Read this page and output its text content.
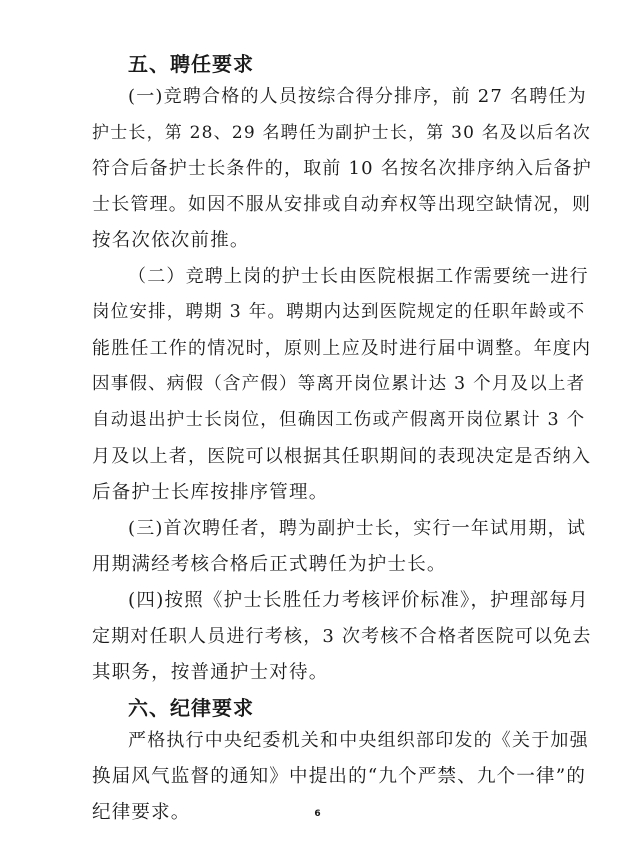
五、聘任要求
(一)竞聘合格的人员按综合得分排序，前 27 名聘任为
护士长，第 28、29 名聘任为副护士长，第 30 名及以后名次
符合后备护士长条件的，取前 10 名按名次排序纳入后备护
士长管理。如因不服从安排或自动弃权等出现空缺情况，则
按名次依次前推。
（二）竞聘上岗的护士长由医院根据工作需要统一进行
岗位安排，聘期 3 年。聘期内达到医院规定的任职年龄或不
能胜任工作的情况时，原则上应及时进行届中调整。年度内
因事假、病假（含产假）等离开岗位累计达 3 个月及以上者
自动退出护士长岗位，但确因工伤或产假离开岗位累计 3 个
月及以上者，医院可以根据其任职期间的表现决定是否纳入
后备护士长库按排序管理。
(三)首次聘任者，聘为副护士长，实行一年试用期，试
用期满经考核合格后正式聘任为护士长。
(四)按照《护士长胜任力考核评价标准》，护理部每月
定期对任职人员进行考核，3 次考核不合格者医院可以免去
其职务，按普通护士对待。
六、纪律要求
严格执行中央纪委机关和中央组织部印发的《关于加强
换届风气监督的通知》中提出的“九个严禁、九个一律”的
纪律要求。	6
